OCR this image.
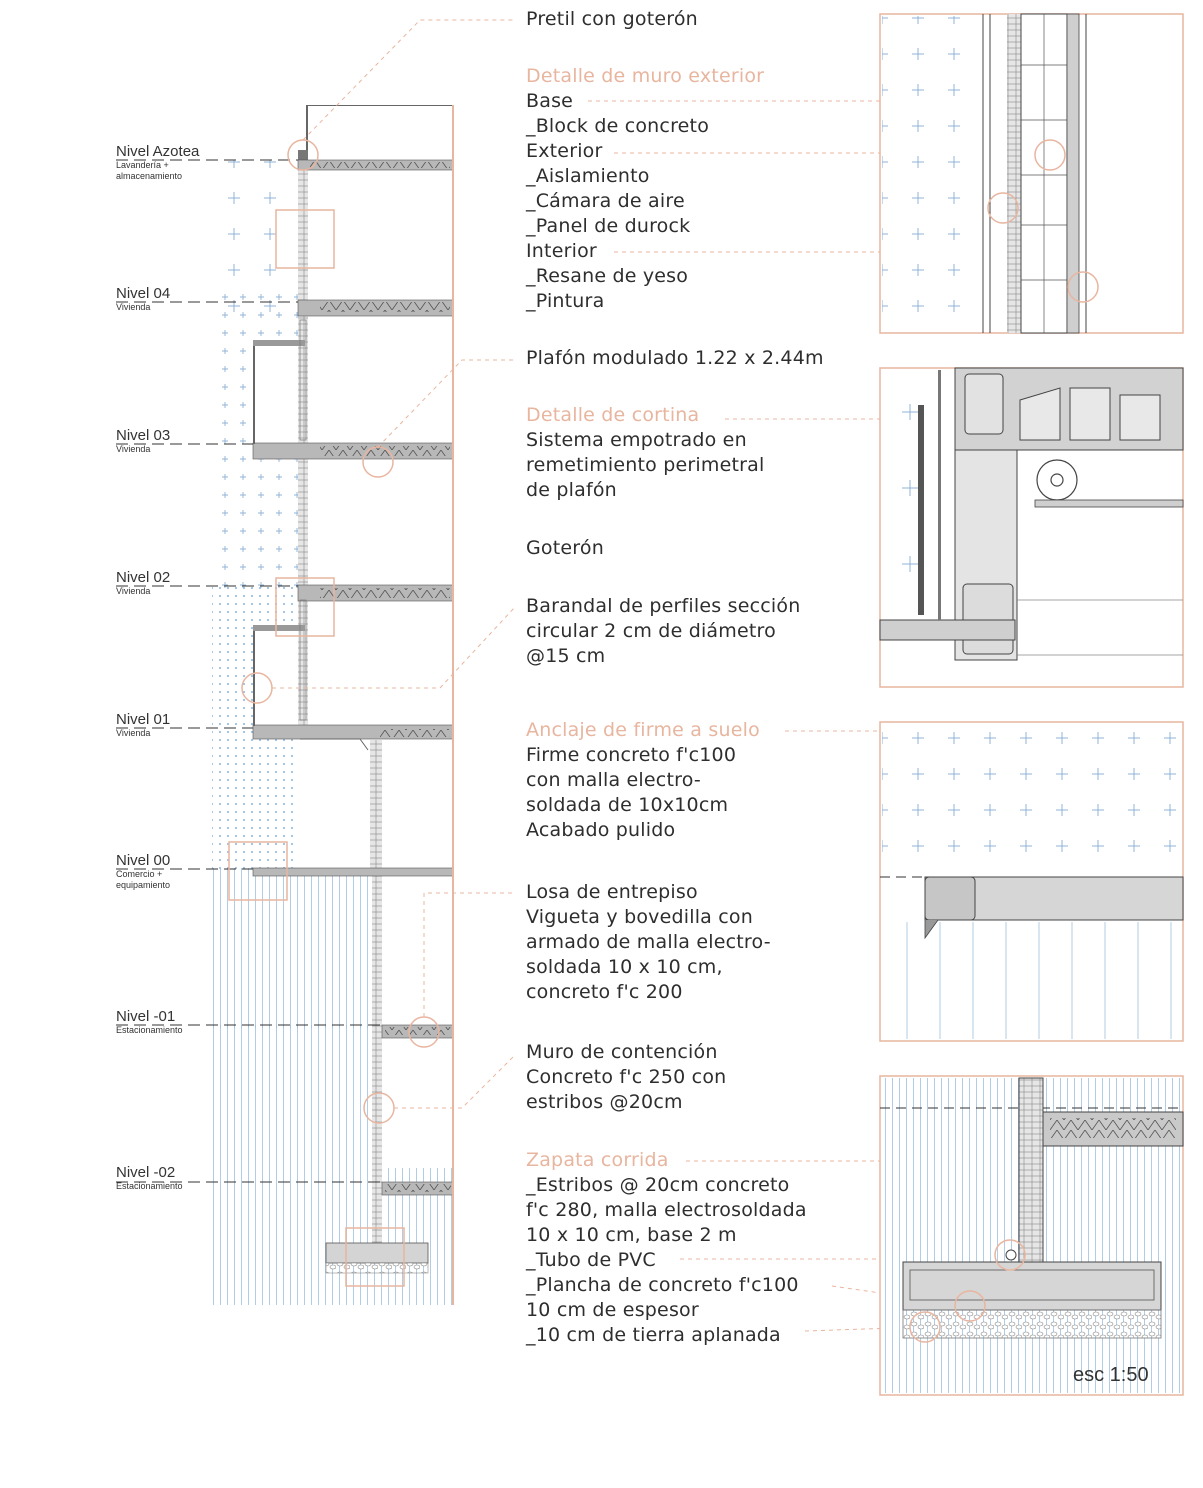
Nivel Azotea
Lavandería + almacenamiento
Nivel 04
Vivienda
Nivel 03
Vivienda
Nivel 02
Vivienda
Nivel 01
Vivienda
Nivel 00
Comercio + equipamiento
Nivel -01
Estacionamiento
Nivel -02
Estacionamiento
Pretil con goterón
Detalle de muro exterior
Base
_Block de concreto
Exterior
_Aislamiento
_Cámara de aire
_Panel de durock
Interior
_Resane de yeso
_Pintura
Plafón modulado 1.22 x 2.44m
Detalle de cortina
Sistema empotrado en
remetimiento perimetral
de plafón
Goterón
Barandal de perfiles sección
circular 2 cm de diámetro
@15 cm
Anclaje de firme a suelo
Firme concreto f'c100
con malla electro-
soldada de 10x10cm
Acabado pulido
Losa de entrepiso
Vigueta y bovedilla con
armado de malla electro-
soldada 10 x 10 cm,
concreto f'c 200
Muro de contención
Concreto f'c 250 con
estribos @20cm
Zapata corrida
_Estribos @ 20cm concreto
f'c 280, malla electrosoldada
10 x 10 cm, base 2 m
_Tubo de PVC
_Plancha de concreto f'c100
10 cm de espesor
_10 cm de tierra aplanada
esc 1:50
